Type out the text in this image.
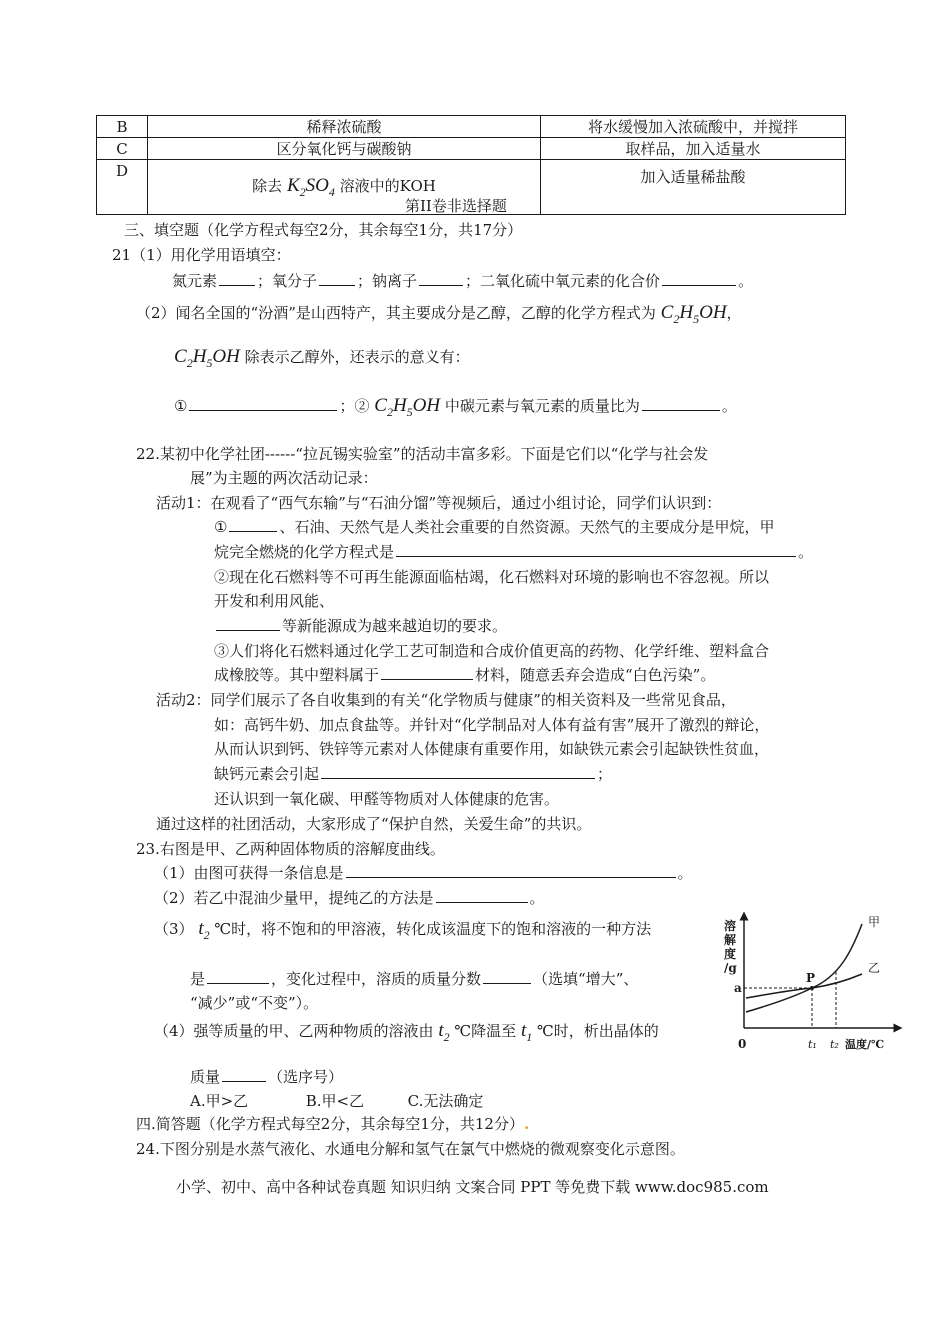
B	稀释浓硫酸	将水缓慢加入浓硫酸中，并搅拌
C	区分氧化钙与碳酸钠	取样品，加入适量水
D	除去 $K_2SO_4$ 溶液中的KOH	加入适量稀盐酸
第II卷非选择题
三、填空题（化学方程式每空2分，其余每空1分，共17分）
21（1）用化学用语填空：
氮元素	；氧分子	；钠离子	；二氧化硫中氧元素的化合价	。
（2）闻名全国的“汾酒”是山西特产，其主要成分是乙醇，乙醇的化学方程式为 $C_2H_5OH$，
$C_2H_5OH$ 除表示乙醇外，还表示的意义有：
①	；② $C_2H_5OH$ 中碳元素与氧元素的质量比为	。
22.某初中化学社团------“拉瓦锡实验室”的活动丰富多彩。下面是它们以“化学与社会发
展”为主题的两次活动记录：
活动1：在观看了“西气东输”与“石油分馏”等视频后，通过小组讨论，同学们认识到：
①	、石油、天然气是人类社会重要的自然资源。天然气的主要成分是甲烷，甲
烷完全燃烧的化学方程式是	。
②现在化石燃料等不可再生能源面临枯竭，化石燃料对环境的影响也不容忽视。所以
开发和利用风能、
等新能源成为越来越迫切的要求。
③人们将化石燃料通过化学工艺可制造和合成价值更高的药物、化学纤维、塑料盒合
成橡胶等。其中塑料属于	材料，随意丢弃会造成“白色污染”。
活动2：同学们展示了各自收集到的有关“化学物质与健康”的相关资料及一些常见食品，
如：高钙牛奶、加点食盐等。并针对“化学制品对人体有益有害”展开了激烈的辩论，
从而认识到钙、铁锌等元素对人体健康有重要作用，如缺铁元素会引起缺铁性贫血，
缺钙元素会引起	；
还认识到一氧化碳、甲醛等物质对人体健康的危害。
通过这样的社团活动，大家形成了“保护自然，关爱生命”的共识。
23.右图是甲、乙两种固体物质的溶解度曲线。
（1）由图可获得一条信息是	。
（2）若乙中混油少量甲，提纯乙的方法是	。
（3） $t_2$ ℃时，将不饱和的甲溶液，转化成该温度下的饱和溶液的一种方法
是	，变化过程中，溶质的质量分数	（选填“增大”、
“减少”或“不变”）。
（4）强等质量的甲、乙两种物质的溶液由 $t_2$ ℃降温至 $t_1$ ℃时，析出晶体的
质量	（选序号）
A.甲>乙	B.甲<乙	C.无法确定
溶
解
度
/g
P
a
0	t₁ t₂ 温度/℃
甲
乙
四.简答题（化学方程式每空2分，其余每空1分，共12分）.
24.下图分别是水蒸气液化、水通电分解和氢气在氯气中燃烧的微观察变化示意图。
小学、初中、高中各种试卷真题 知识归纳 文案合同 PPT 等免费下载 www.doc985.com
